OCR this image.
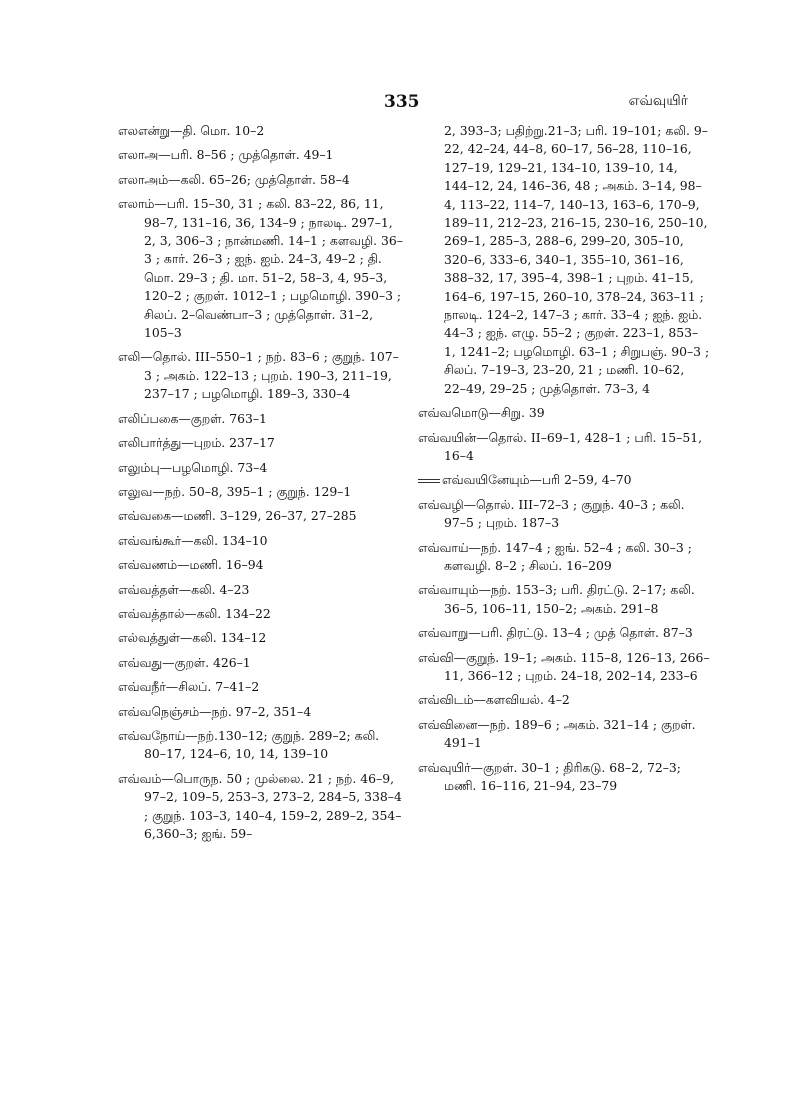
335	எவ்வுயிர்
எலஎன்று—தி. மொ. 10–2
எலாஅ—பரி. 8–56 ; முத்தொள். 49–1
எலாஅம்—கலி. 65–26; முத்தொள். 58–4
எலாம்—பரி. 15–30, 31 ; கலி. 83–22, 86, 11, 98–7, 131–16, 36, 134–9 ; நாலடி. 297–1, 2, 3, 306–3 ; நான்மணி. 14–1 ; களவழி. 36–3 ; கார். 26–3 ; ஐந். ஐம். 24–3, 49–2 ; தி. மொ. 29–3 ; தி. மா. 51–2, 58–3, 4, 95–3, 120–2 ; குறள். 1012–1 ; பழமொழி. 390–3 ; சிலப். 2–வெண்பா–3 ; முத்தொள். 31–2, 105–3
எலி—தொல். III–550–1 ; நற். 83–6 ; குறுந். 107–3 ; அகம். 122–13 ; புறம். 190–3, 211–19, 237–17 ; பழமொழி. 189–3, 330–4
எலிப்பகை—குறள். 763–1
எலிபார்த்து—புறம். 237–17
எலும்பு—பழமொழி. 73–4
எலுவ—நற். 50–8, 395–1 ; குறுந். 129–1
எவ்வகை—மணி. 3–129, 26–37, 27–285
எவ்வங்கூர்—கலி. 134–10
எவ்வணம்—மணி. 16–94
எவ்வத்தள்—கலி. 4–23
எவ்வத்தால்—கலி. 134–22
எல்வத்துள்—கலி. 134–12
எவ்வது—குறள். 426–1
எவ்வநீர்—சிலப். 7–41–2
எவ்வநெஞ்சம்—நற். 97–2, 351–4
எவ்வநோய்—நற்.130–12; குறுந். 289–2; கலி. 80–17, 124–6, 10, 14, 139–10
எவ்வம்—பொருந. 50 ; முல்லை. 21 ; நற். 46–9, 97–2, 109–5, 253–3, 273–2, 284–5, 338–4 ; குறுந். 103–3, 140–4, 159–2, 289–2, 354–6,360–3; ஐங். 59–
2, 393–3; பதிற்று.21–3; பரி. 19–101; கலி. 9–22, 42–24, 44–8, 60–17, 56–28, 110–16, 127–19, 129–21, 134–10, 139–10, 14, 144–12, 24, 146–36, 48 ; அகம். 3–14, 98–4, 113–22, 114–7, 140–13, 163–6, 170–9, 189–11, 212–23, 216–15, 230–16, 250–10, 269–1, 285–3, 288–6, 299–20, 305–10, 320–6, 333–6, 340–1, 355–10, 361–16, 388–32, 17, 395–4, 398–1 ; புறம். 41–15, 164–6, 197–15, 260–10, 378–24, 363–11 ; நாலடி. 124–2, 147–3 ; கார். 33–4 ; ஐந். ஐம். 44–3 ; ஐந். எழு. 55–2 ; குறள். 223–1, 853–1, 1241–2; பழமொழி. 63–1 ; சிறுபஞ். 90–3 ; சிலப். 7–19–3, 23–20, 21 ; மணி. 10–62, 22–49, 29–25 ; முத்தொள். 73–3, 4
எவ்வமொடு—சிறு. 39
எவ்வயின்—தொல். II–69–1, 428–1 ; பரி. 15–51, 16–4
எவ்வயினேயும்—பரி 2–59, 4–70
எவ்வழி—தொல். III–72–3 ; குறுந். 40–3 ; கலி. 97–5 ; புறம். 187–3
எவ்வாய்—நற். 147–4 ; ஐங். 52–4 ; கலி. 30–3 ; களவழி. 8–2 ; சிலப். 16–209
எவ்வாயும்—நற். 153–3; பரி. திரட்டு. 2–17; கலி. 36–5, 106–11, 150–2; அகம். 291–8
எவ்வாறு—பரி. திரட்டு. 13–4 ; முத் தொள். 87–3
எவ்வி—குறுந். 19–1; அகம். 115–8, 126–13, 266–11, 366–12 ; புறம். 24–18, 202–14, 233–6
எவ்விடம்—களவியல். 4–2
எவ்வினை—நற். 189–6 ; அகம். 321–14 ; குறள். 491–1
எவ்வுயிர்—குறள். 30–1 ; திரிகடு. 68–2, 72–3; மணி. 16–116, 21–94, 23–79
